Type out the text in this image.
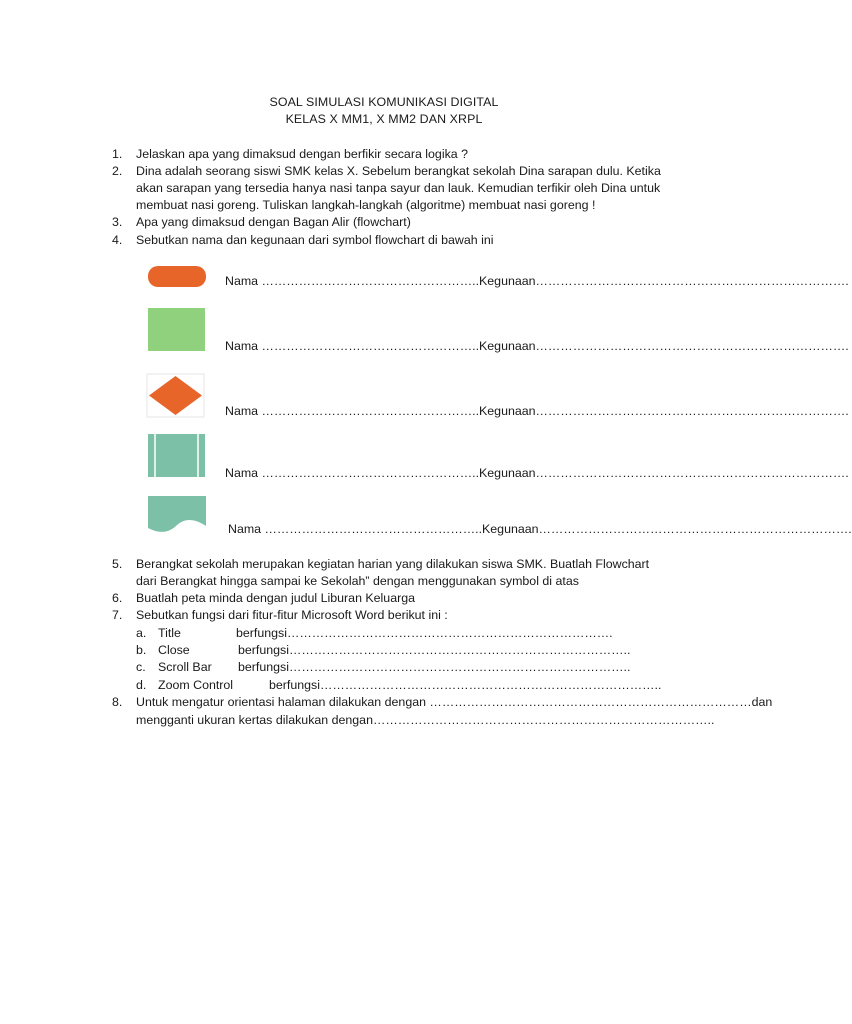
SOAL SIMULASI KOMUNIKASI DIGITAL
KELAS X MM1, X MM2 DAN XRPL
1. Jelaskan apa yang dimaksud dengan berfikir secara logika ?
2. Dina adalah seorang siswi SMK kelas X. Sebelum berangkat sekolah Dina sarapan dulu. Ketika
akan sarapan yang tersedia hanya nasi tanpa sayur dan lauk. Kemudian terfikir oleh Dina untuk
membuat nasi goreng. Tuliskan langkah-langkah (algoritme) membuat nasi goreng !
3. Apa yang dimaksud dengan Bagan Alir (flowchart)
4. Sebutkan nama dan kegunaan dari symbol flowchart di bawah ini
Nama ……………………………………………..Kegunaan………………………………………………………………….
Nama ……………………………………………..Kegunaan………………………………………………………………….
Nama ……………………………………………..Kegunaan………………………………………………………………….
Nama ……………………………………………..Kegunaan………………………………………………………………….
Nama ……………………………………………..Kegunaan………………………………………………………………….
5. Berangkat sekolah merupakan kegiatan harian yang dilakukan siswa SMK. Buatlah Flowchart
dari Berangkat hingga sampai ke Sekolah” dengan menggunakan symbol di atas
6. Buatlah peta minda dengan judul Liburan Keluarga
7. Sebutkan fungsi dari fitur-fitur Microsoft Word berikut ini :
a. Title	berfungsi…………………………………………………………………….
b. Close	berfungsi………………………………………………………………………..
c. Scroll Bar berfungsi………………………………………………………………………..
d. Zoom Control	berfungsi………………………………………………………………………..
8. Untuk mengatur orientasi halaman dilakukan dengan ……………………………………………………………………dan
mengganti ukuran kertas dilakukan dengan………………………………………………………………………..
